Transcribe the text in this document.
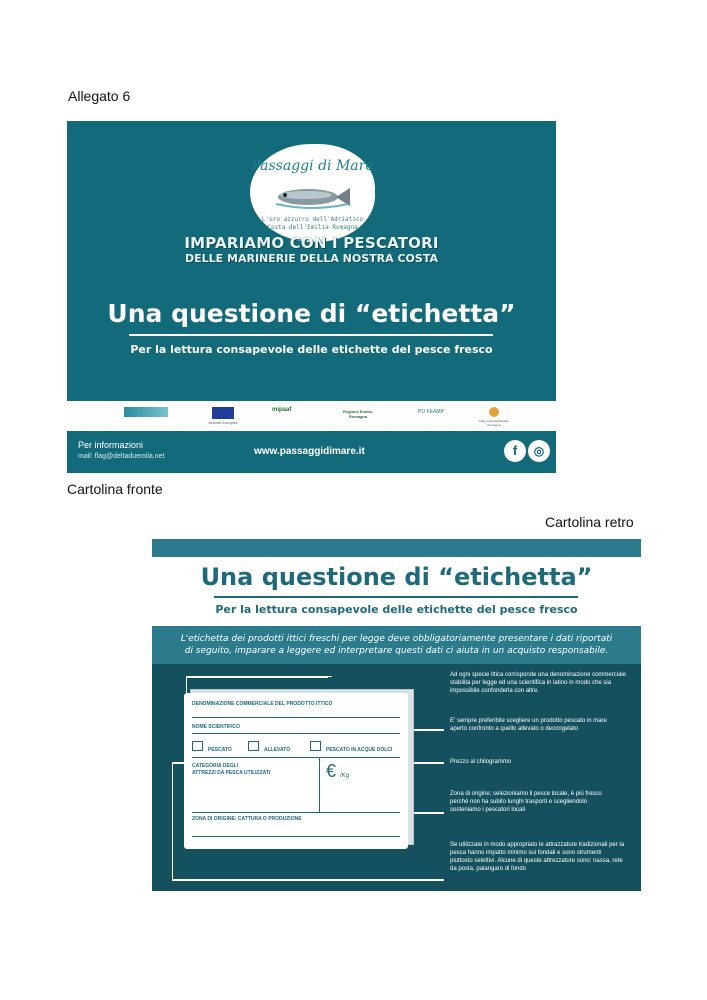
Allegato 6
Passaggi di Mare
L'oro azzurro dell'Adriatico
Costa dell'Emilia Romagna
IMPARIAMO CON I PESCATORI
DELLE MARINERIE DELLA NOSTRA COSTA
Una questione di “etichetta”
Per la lettura consapevole delle etichette del pesce fresco
Unione Europea
mipaaf	Regione Emilia-Romagna
PO FEAMP
Flag Costa dell'Emilia-Romagna
Per informazioni
mail: flag@deltaduemila.net	www.passaggidimare.it	f	◎
Cartolina fronte
Cartolina retro
Una questione di “etichetta”
Per la lettura consapevole delle etichette del pesce fresco
L'etichetta dei prodotti ittici freschi per legge deve obbligatoriamente presentare i dati riportati
di seguito, imparare a leggere ed interpretare questi dati ci aiuta in un acquisto responsabile.
DENOMINAZIONE COMMERCIALE DEL PRODOTTO ITTICO
NOME SCIENTIFICO
PESCATO	ALLEVATO	PESCATO IN ACQUE DOLCI
CATEGORIA DEGLI
ATTREZZI DA PESCA UTILIZZATI	€ /Kg
ZONA DI ORIGINE: CATTURA O PRODUZIONE
Ad ogni specie ittica corrisponde una denominazione commerciale stabilita per legge ed una scientifica in latino in modo che sia impossibile confonderla con altre.
E' sempre preferibile scegliere un prodotto pescato in mare aperto confronto a quello allevato o decongelato
Prezzo al chilogrammo
Zona di origine; selezioniamo il pesce locale, è più fresco perché non ha subito lunghi trasporti e scegliendolo sosteniamo i pescatori locali
Se utilizzate in modo appropriato le attrazzature tradizionali per la pesca hanno impatto minimo sui fondali e sono strumenti piuttosto selettivi. Alcune di queste attrezzature sono: nassa, rete da posta, palangaro di fondo
